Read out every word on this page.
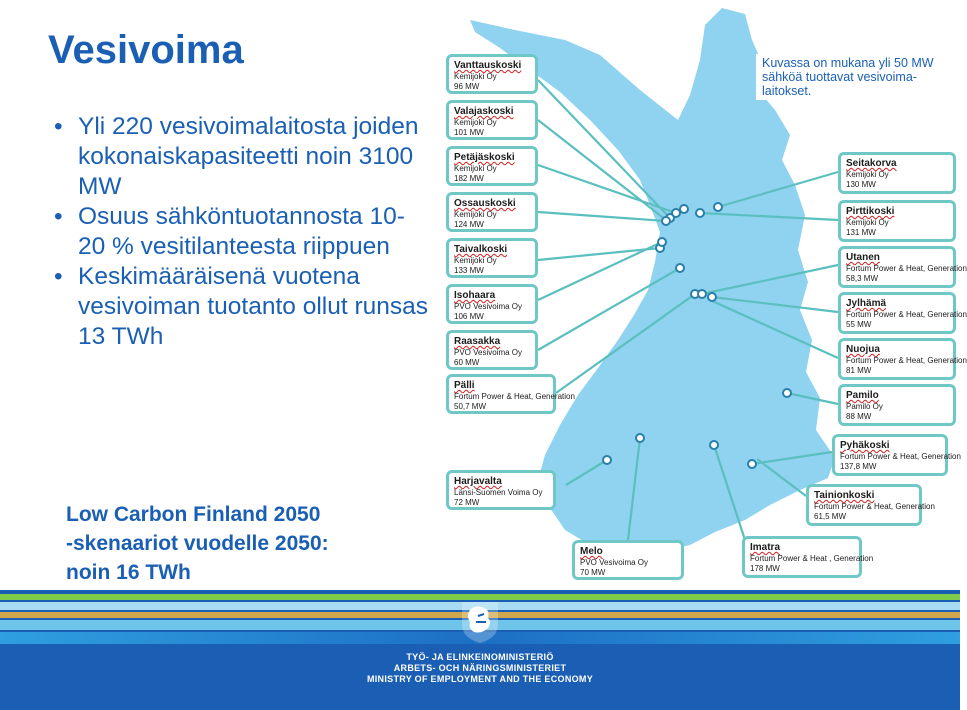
Vesivoima
• Yli 220 vesivoimalaitosta joiden kokonaiskapasiteetti noin 3100 MW
• Osuus sähköntuotannosta 10-20 % vesitilanteesta riippuen
• Keskimääräisenä vuotena vesivoiman tuotanto ollut runsas 13 TWh
Low Carbon Finland 2050
-skenaariot vuodelle 2050:
noin 16 TWh
Kuvassa on mukana yli 50 MW sähköä tuottavat vesivoima-laitokset.
Vanttauskoski
Kemijoki Oy
96 MW
Valajaskoski
Kemijoki Oy
101 MW
Petäjäskoski
Kemijoki Oy
182 MW
Ossauskoski
Kemijoki Oy
124 MW
Taivalkoski
Kemijoki Oy
133 MW
Isohaara
PVO Vesivoima Oy
106 MW
Raasakka
PVO Vesivoima Oy
60 MW
Pälli
Fortum Power & Heat, Generation
50,7 MW
Seitakorva
Kemijoki Oy
130 MW
Pirttikoski
Kemijoki Oy
131 MW
Utanen
Fortum Power & Heat, Generation
58,3 MW
Jylhämä
Fortum Power & Heat, Generation
55 MW
Nuojua
Fortum Power & Heat, Generation
81 MW
Pamilo
Pamilo Oy
88 MW
Pyhäkoski
Fortum Power & Heat, Generation
137,8 MW
Tainionkoski
Fortum Power & Heat, Generation
61,5 MW
Imatra
Fortum Power & Heat , Generation
178 MW
Harjavalta
Länsi-Suomen Voima Oy
72 MW
Melo
PVO Vesivoima Oy
70 MW
TYÖ- JA ELINKEINOMINISTERIÖ
ARBETS- OCH NÄRINGSMINISTERIET
MINISTRY OF EMPLOYMENT AND THE ECONOMY
